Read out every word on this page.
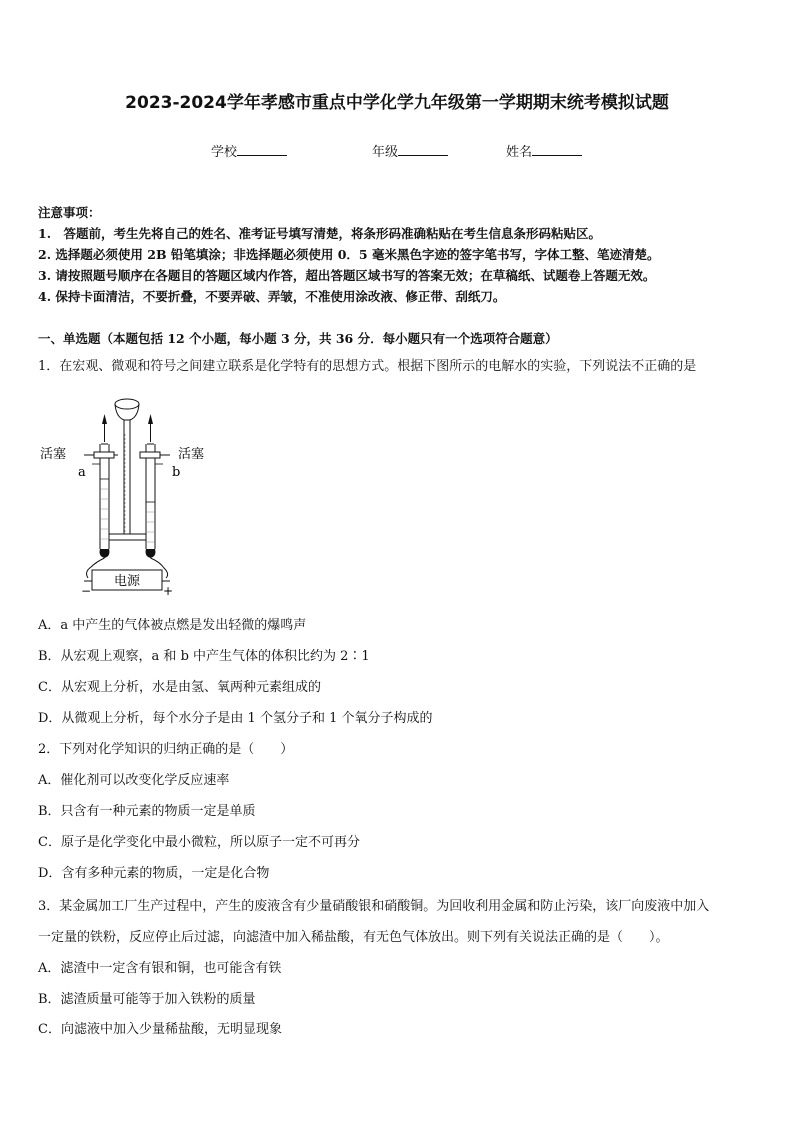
2023-2024学年孝感市重点中学化学九年级第一学期期末统考模拟试题
学校	年级	姓名
注意事项：
1.　答题前，考生先将自己的姓名、准考证号填写清楚，将条形码准确粘贴在考生信息条形码粘贴区。
2. 选择题必须使用 2B 铅笔填涂；非选择题必须使用 0．5 毫米黑色字迹的签字笔书写，字体工整、笔迹清楚。
3. 请按照题号顺序在各题目的答题区域内作答，超出答题区域书写的答案无效；在草稿纸、试题卷上答题无效。
4. 保持卡面清洁，不要折叠，不要弄破、弄皱，不准使用涂改液、修正带、刮纸刀。
一、单选题（本题包括 12 个小题，每小题 3 分，共 36 分．每小题只有一个选项符合题意）
1．在宏观、微观和符号之间建立联系是化学特有的思想方式。根据下图所示的电解水的实验，下列说法不正确的是
电源
−	+
活塞	活塞
a	b
A．a 中产生的气体被点燃是发出轻微的爆鸣声
B．从宏观上观察，a 和 b 中产生气体的体积比约为 2∶1
C．从宏观上分析，水是由氢、氧两种元素组成的
D．从微观上分析，每个水分子是由 1 个氢分子和 1 个氧分子构成的
2．下列对化学知识的归纳正确的是（　　）
A．催化剂可以改变化学反应速率
B．只含有一种元素的物质一定是单质
C．原子是化学变化中最小微粒，所以原子一定不可再分
D．含有多种元素的物质，一定是化合物
3．某金属加工厂生产过程中，产生的废液含有少量硝酸银和硝酸铜。为回收利用金属和防止污染，该厂向废液中加入
一定量的铁粉，反应停止后过滤，向滤渣中加入稀盐酸，有无色气体放出。则下列有关说法正确的是（　　）。
A．滤渣中一定含有银和铜，也可能含有铁
B．滤渣质量可能等于加入铁粉的质量
C．向滤液中加入少量稀盐酸，无明显现象
